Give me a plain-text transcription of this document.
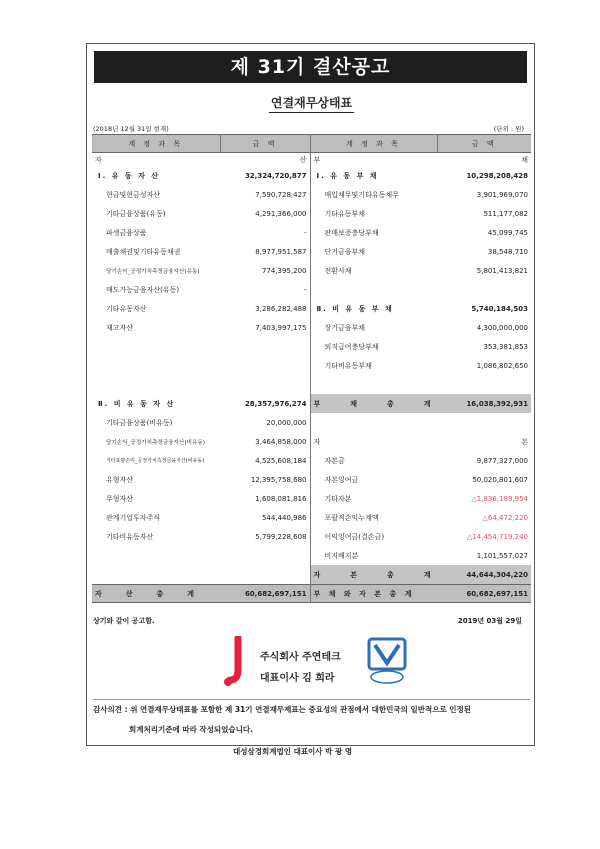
제 31기 결산공고
연결재무상태표
(2018년 12월 31일 현재)	(단위 : 원)
계 정 과 목	금 액	계 정 과 목	금 액
자 산		부 채	

Ⅰ. 유 동 자 산	32,324,720,877	Ⅰ. 유 동 부 채	10,298,208,428
현금및현금성자산	7,590,728,427	매입채무및기타유동채무	3,901,969,070
기타금융상품(유동)	4,291,366,000	기타유동부채	511,177,082
파생금융상품	-	판매보증충당부채	45,099,745
매출채권및기타유동채권	8,977,951,587	단기금융부채	38,548,710
당기손익_공정가치측정금융자산(유동)	774,395,200	전환사채	5,801,413,821
매도가능금융자산(유동)	-		
기타유동자산	3,286,282,488	Ⅱ. 비 유 동 부 채	5,740,184,503
재고자산	7,403,997,175	장기금융부채	4,300,000,000
		퇴직급여충당부채	353,381,853
		기타비유동부채	1,086,802,650

Ⅱ. 비 유 동 자 산	28,357,976,274	부 채 총 계	16,038,392,931
기타금융상품(비유동)	20,000,000		
당기손익_공정가치측정금융자산(비유동)	3,464,858,000	자 본	

기타포괄손익_공정가치측정금융자산(비유동)	4,525,608,184	자본금	9,877,327,000
유형자산	12,395,758,680	자본잉여금	50,020,801,607
무형자산	1,608,081,816	기타자본	△1,836,189,954
관계기업투자주식	544,440,986	포괄적손익누계액	△64,472,220
기타비유동자산	5,799,228,608	이익잉여금(결손금)	△14,454,719,240
		비지배지분	1,101,557,027
		자 본 총 계	44,644,304,220
자 산 총 계	60,682,697,151	부 채 와 자 본 총 계	60,682,697,151
상기와 같이 공고함.	2019년 03월 29일
주식회사 주연테크
대표이사 김 희라
감사의견 : 위 연결재무상태표를 포함한 제 31기 연결재무제표는 중요성의 관점에서 대한민국의 일반적으로 인정된
회계처리기준에 따라 작성되었습니다.
대성삼경회계법인 대표이사 박 광 명
